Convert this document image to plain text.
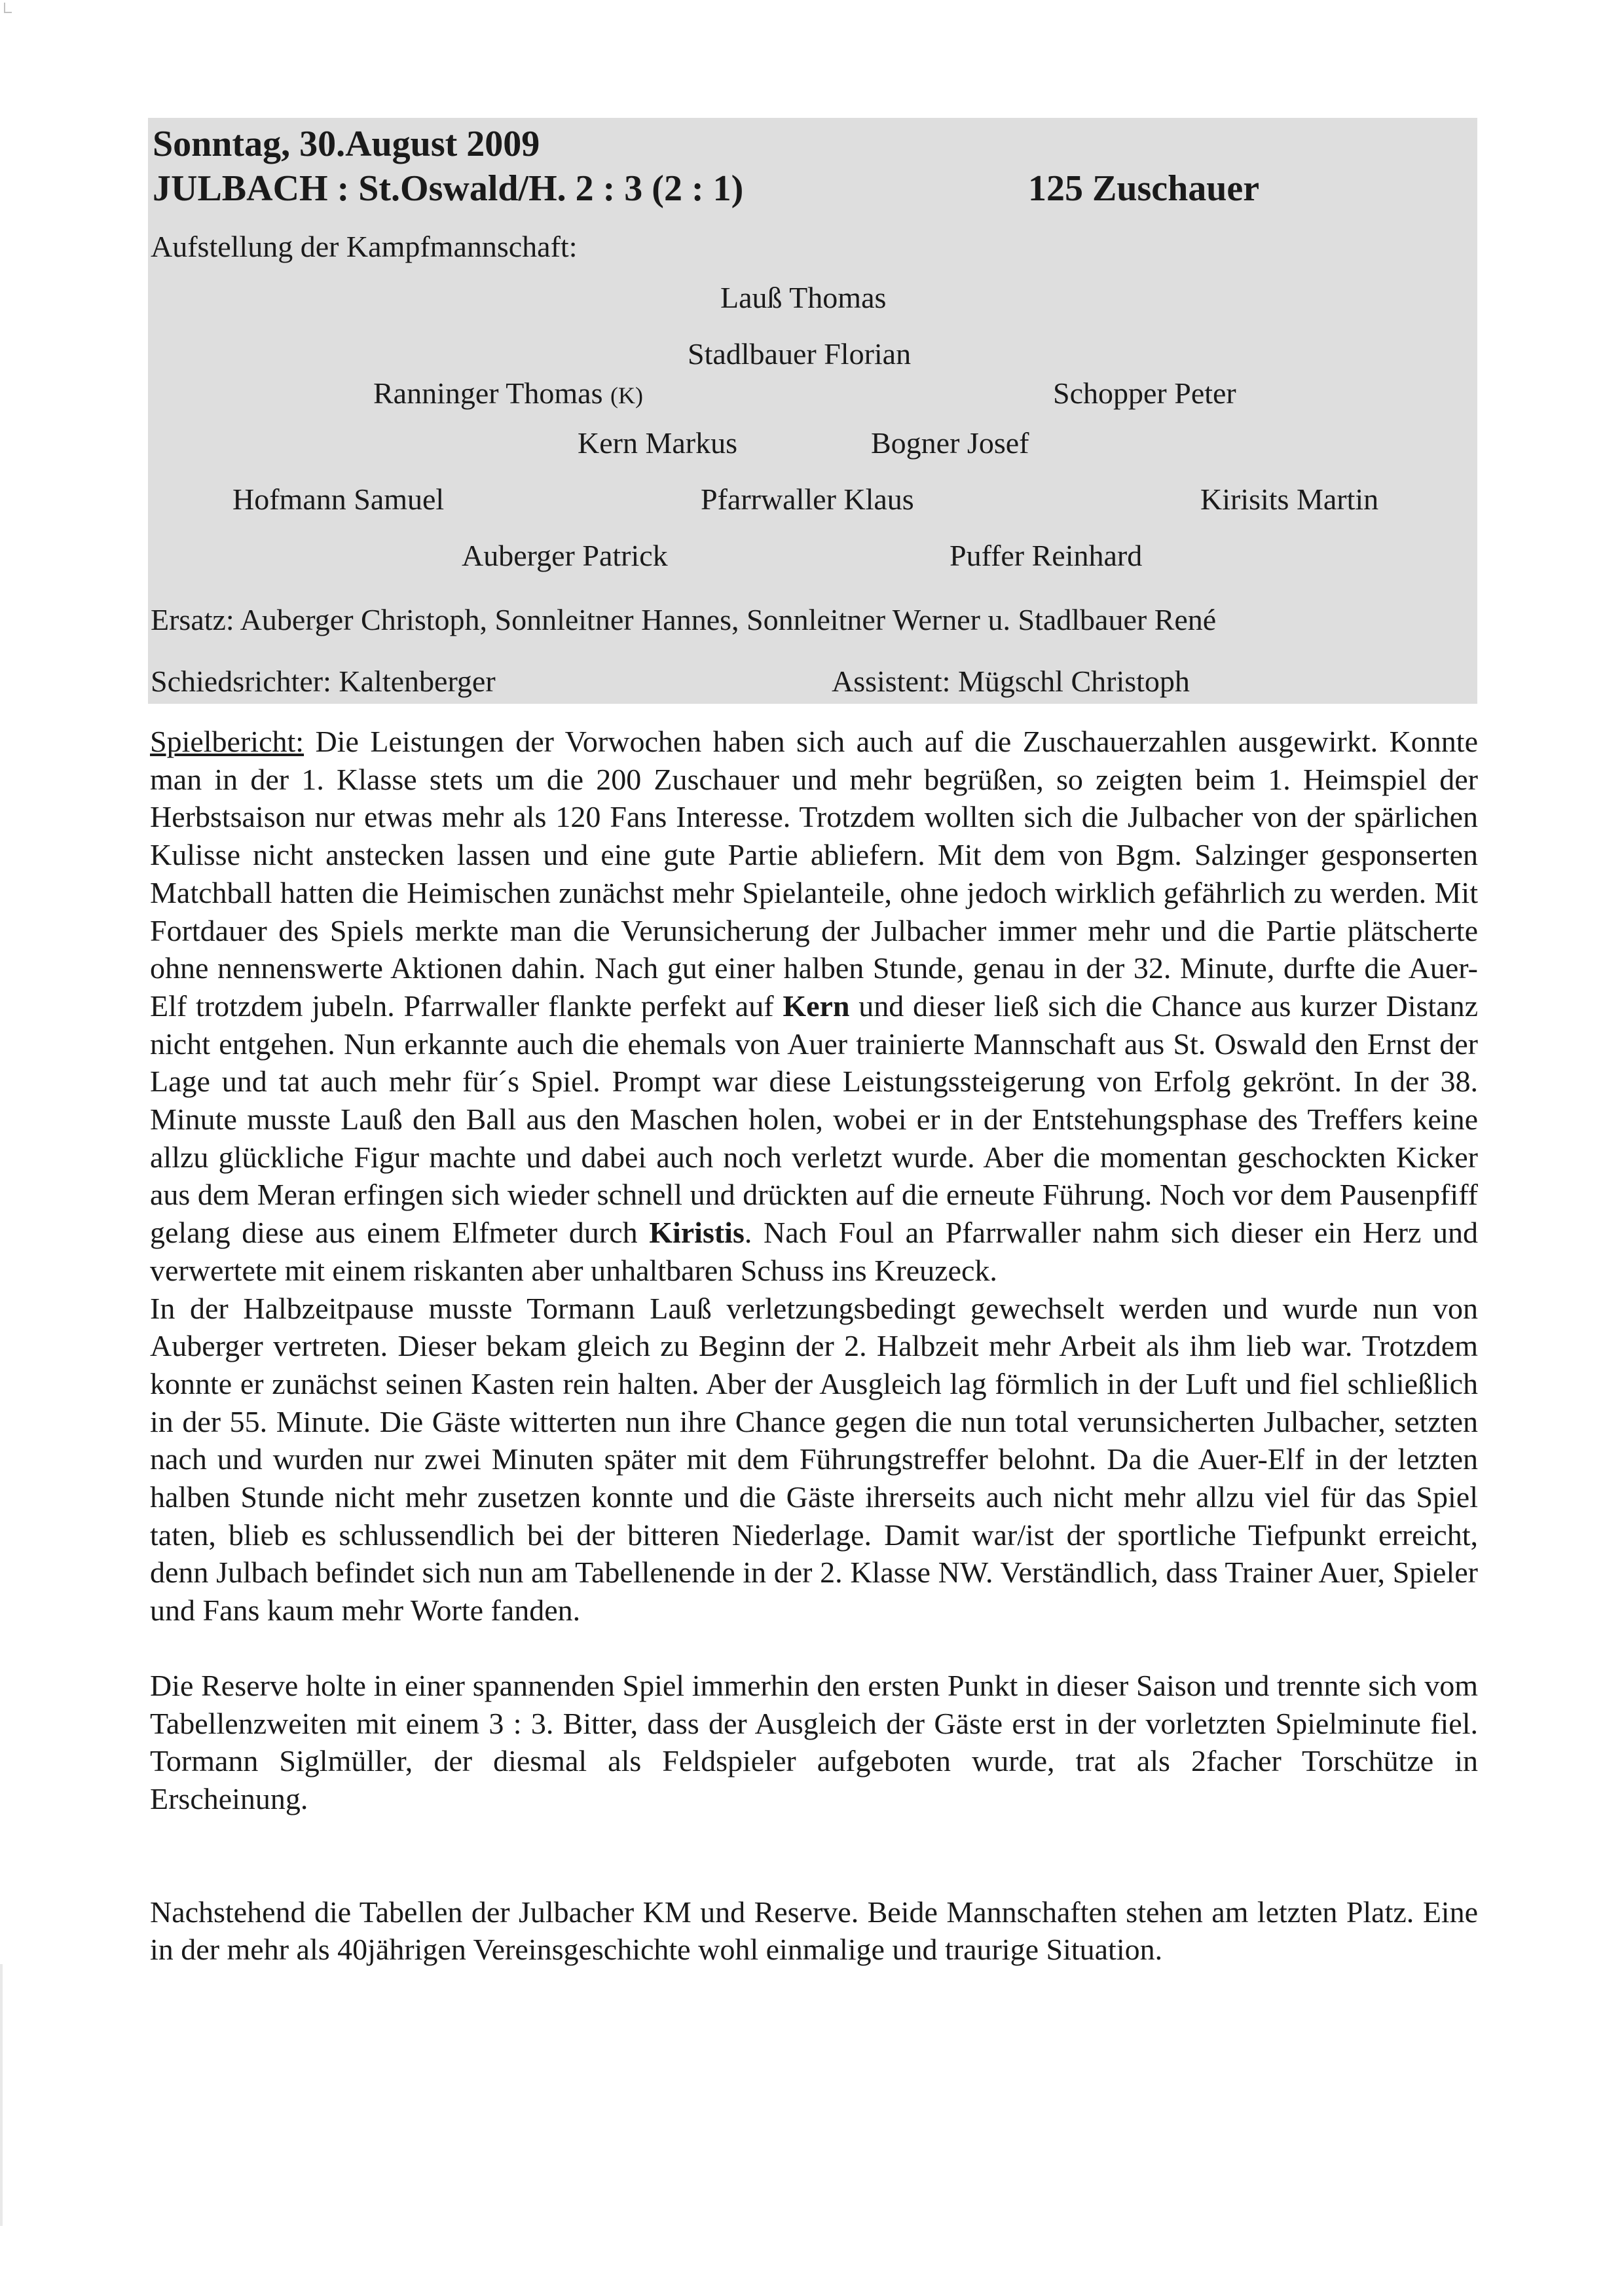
Sonntag, 30.August 2009
JULBACH : St.Oswald/H. 2 : 3 (2 : 1)	125 Zuschauer
Aufstellung der Kampfmannschaft:
Lauß Thomas
Stadlbauer Florian
Ranninger Thomas (K)	Schopper Peter
Kern Markus	Bogner Josef
Hofmann Samuel	Pfarrwaller Klaus	Kirisits Martin
Auberger Patrick	Puffer Reinhard
Ersatz: Auberger Christoph, Sonnleitner Hannes, Sonnleitner Werner u. Stadlbauer René
Schiedsrichter: Kaltenberger	Assistent: Mügschl Christoph

Spielbericht: Die Leistungen der Vorwochen haben sich auch auf die Zuschauerzahlen ausgewirkt. Konnte man in der 1. Klasse stets um die 200 Zuschauer und mehr begrüßen, so zeigten beim 1. Heimspiel der Herbstsaison nur etwas mehr als 120 Fans Interesse. Trotzdem wollten sich die Julbacher von der spärlichen Kulisse nicht anstecken lassen und eine gute Partie abliefern. Mit dem von Bgm. Salzinger gesponserten Matchball hatten die Heimischen zunächst mehr Spielanteile, ohne jedoch wirklich gefährlich zu werden. Mit Fortdauer des Spiels merkte man die Verunsicherung der Julbacher immer mehr und die Partie plätscherte ohne nennenswerte Aktionen dahin. Nach gut einer halben Stunde, genau in der 32. Minute, durfte die Auer-Elf trotzdem jubeln. Pfarrwaller flankte perfekt auf Kern und dieser ließ sich die Chance aus kurzer Distanz nicht entgehen. Nun erkannte auch die ehemals von Auer trainierte Mannschaft aus St. Oswald den Ernst der Lage und tat auch mehr für´s Spiel. Prompt war diese Leistungssteigerung von Erfolg gekrönt. In der 38. Minute musste Lauß den Ball aus den Maschen holen, wobei er in der Entstehungsphase des Treffers keine allzu glückliche Figur machte und dabei auch noch verletzt wurde. Aber die momentan geschockten Kicker aus dem Meran erfingen sich wieder schnell und drückten auf die erneute Führung. Noch vor dem Pausenpfiff gelang diese aus einem Elfmeter durch Kiristis. Nach Foul an Pfarrwaller nahm sich dieser ein Herz und verwertete mit einem riskanten aber unhaltbaren Schuss ins Kreuzeck.

In der Halbzeitpause musste Tormann Lauß verletzungsbedingt gewechselt werden und wurde nun von Auberger vertreten. Dieser bekam gleich zu Beginn der 2. Halbzeit mehr Arbeit als ihm lieb war. Trotzdem konnte er zunächst seinen Kasten rein halten. Aber der Ausgleich lag förmlich in der Luft und fiel schließlich in der 55. Minute. Die Gäste witterten nun ihre Chance gegen die nun total verunsicherten Julbacher, setzten nach und wurden nur zwei Minuten später mit dem Führungstreffer belohnt. Da die Auer-Elf in der letzten halben Stunde nicht mehr zusetzen konnte und die Gäste ihrerseits auch nicht mehr allzu viel für das Spiel taten, blieb es schlussendlich bei der bitteren Niederlage. Damit war/ist der sportliche Tiefpunkt erreicht, denn Julbach befindet sich nun am Tabellenende in der 2. Klasse NW. Verständlich, dass Trainer Auer, Spieler und Fans kaum mehr Worte fanden.

Die Reserve holte in einer spannenden Spiel immerhin den ersten Punkt in dieser Saison und trennte sich vom Tabellenzweiten mit einem 3 : 3. Bitter, dass der Ausgleich der Gäste erst in der vorletzten Spielminute fiel. Tormann Siglmüller, der diesmal als Feldspieler aufgeboten wurde, trat als 2facher Torschütze in Erscheinung.

Nachstehend die Tabellen der Julbacher KM und Reserve. Beide Mannschaften stehen am letzten Platz. Eine in der mehr als 40jährigen Vereinsgeschichte wohl einmalige und traurige Situation.
